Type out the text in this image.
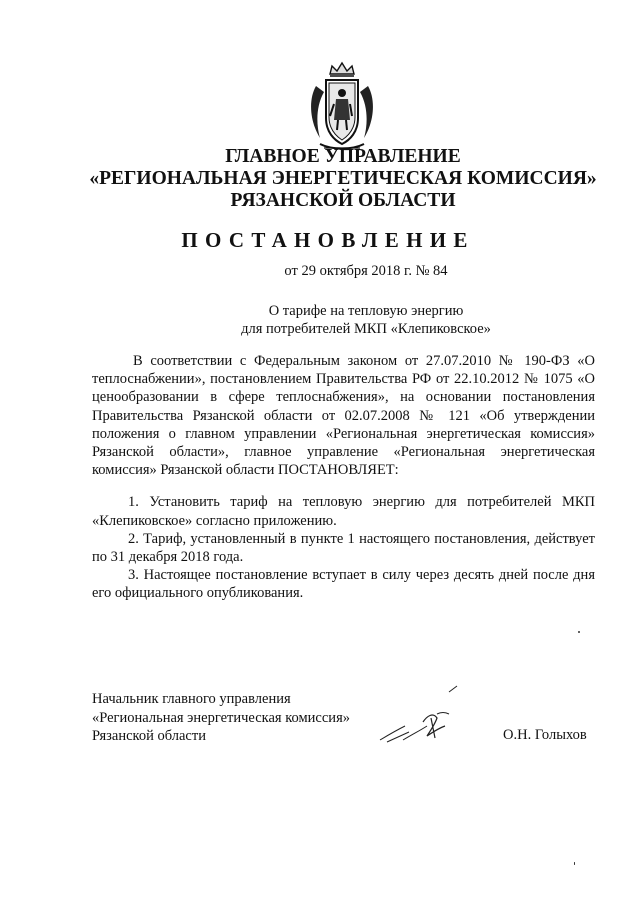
ГЛАВНОЕ УПРАВЛЕНИЕ
«РЕГИОНАЛЬНАЯ ЭНЕРГЕТИЧЕСКАЯ КОМИССИЯ»
РЯЗАНСКОЙ ОБЛАСТИ
ПОСТАНОВЛЕНИЕ
от 29 октября 2018 г. № 84
О тарифе на тепловую энергию
для потребителей МКП «Клепиковское»

В соответствии с Федеральным законом от 27.07.2010 № 190-ФЗ «О теплоснабжении», постановлением Правительства РФ от 22.10.2012 № 1075 «О ценообразовании в сфере теплоснабжения», на основании постановления Правительства Рязанской области от 02.07.2008 № 121 «Об утверждении положения о главном управлении «Региональная энергетическая комиссия» Рязанской области», главное управление «Региональная энергетическая комиссия» Рязанской области ПОСТАНОВЛЯЕТ:

1. Установить тариф на тепловую энергию для потребителей МКП «Клепиковское» согласно приложению.

2. Тариф, установленный в пункте 1 настоящего постановления, действует по 31 декабря 2018 года.

3. Настоящее постановление вступает в силу через десять дней после дня его официального опубликования.

Начальник главного управления
«Региональная энергетическая комиссия»
Рязанской области	О.Н. Голыхов
